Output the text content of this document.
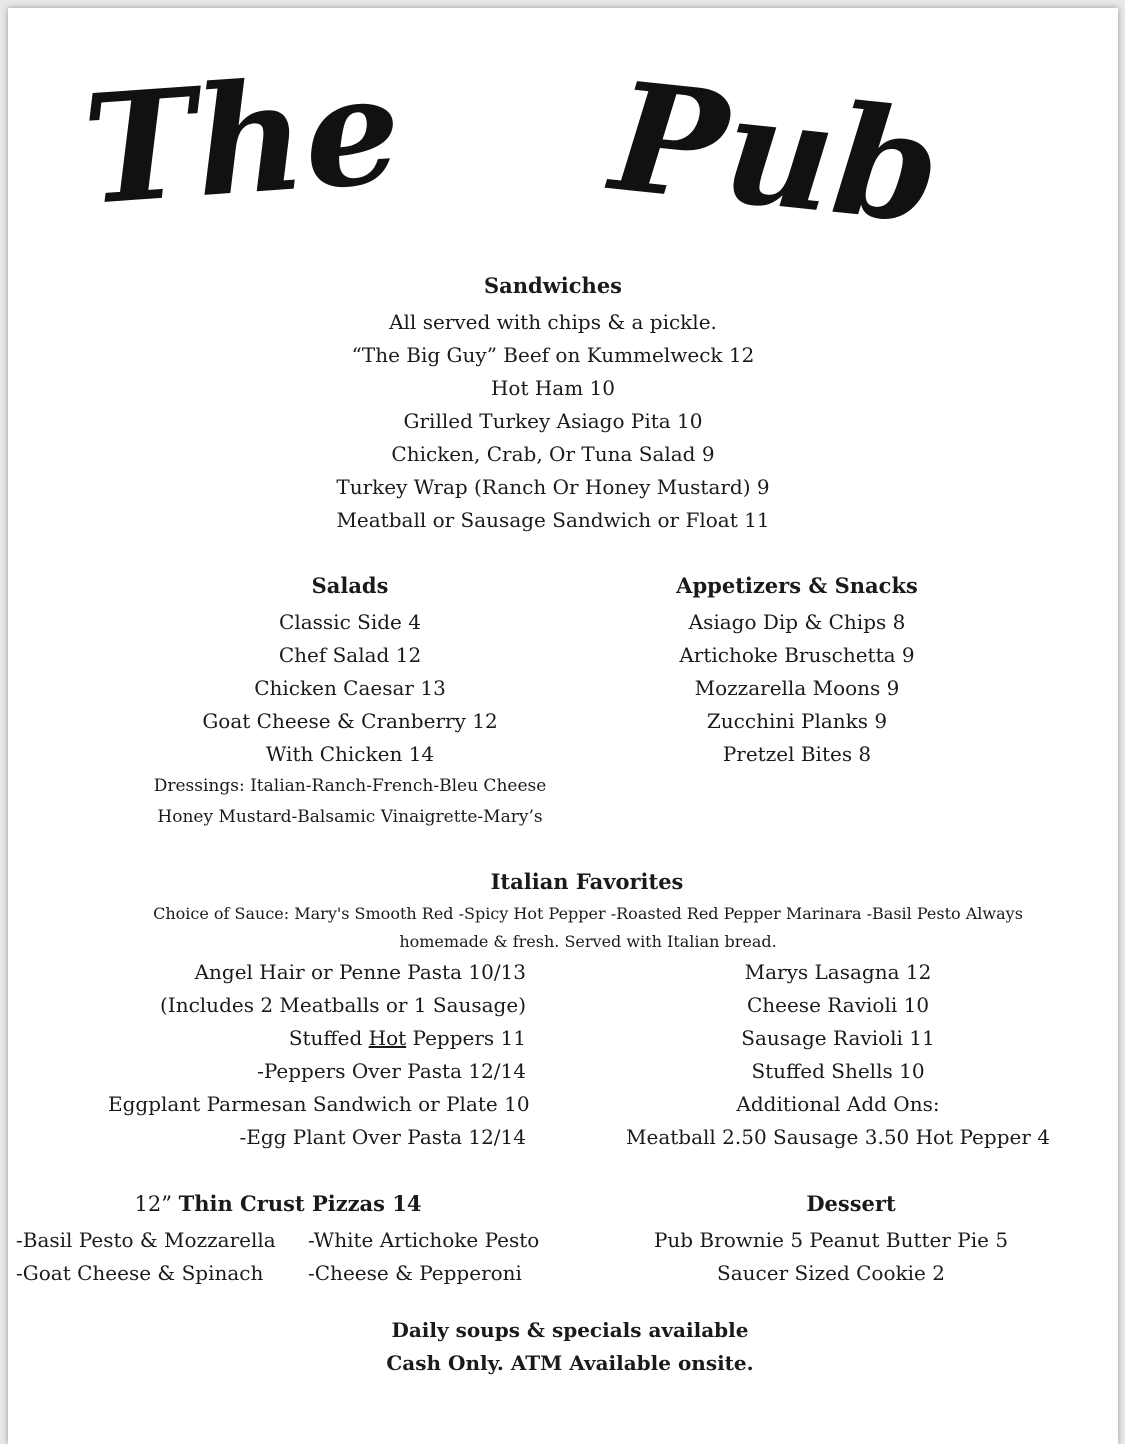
The Pub
Sandwiches
All served with chips & a pickle.
“The Big Guy” Beef on Kummelweck 12
Hot Ham 10
Grilled Turkey Asiago Pita 10
Chicken, Crab, Or Tuna Salad 9
Turkey Wrap (Ranch Or Honey Mustard) 9
Meatball or Sausage Sandwich or Float 11
Salads
Classic Side 4
Chef Salad 12
Chicken Caesar 13
Goat Cheese & Cranberry 12
With Chicken 14
Dressings: Italian-Ranch-French-Bleu Cheese
Honey Mustard-Balsamic Vinaigrette-Mary’s
Appetizers & Snacks
Asiago Dip & Chips 8
Artichoke Bruschetta 9
Mozzarella Moons 9
Zucchini Planks 9
Pretzel Bites 8
Italian Favorites
Choice of Sauce: Mary's Smooth Red -Spicy Hot Pepper -Roasted Red Pepper Marinara -Basil Pesto Always homemade & fresh. Served with Italian bread.
Angel Hair or Penne Pasta 10/13
(Includes 2 Meatballs or 1 Sausage)
Stuffed Hot Peppers 11
-Peppers Over Pasta 12/14
Eggplant Parmesan Sandwich or Plate 10
-Egg Plant Over Pasta 12/14
Marys Lasagna 12
Cheese Ravioli 10
Sausage Ravioli 11
Stuffed Shells 10
Additional Add Ons:
Meatball 2.50 Sausage 3.50 Hot Pepper 4
12” Thin Crust Pizzas 14
-Basil Pesto & Mozzarella	-White Artichoke Pesto
-Goat Cheese & Spinach	-Cheese & Pepperoni
Dessert
Pub Brownie 5 Peanut Butter Pie 5
Saucer Sized Cookie 2
Daily soups & specials available
Cash Only. ATM Available onsite.
